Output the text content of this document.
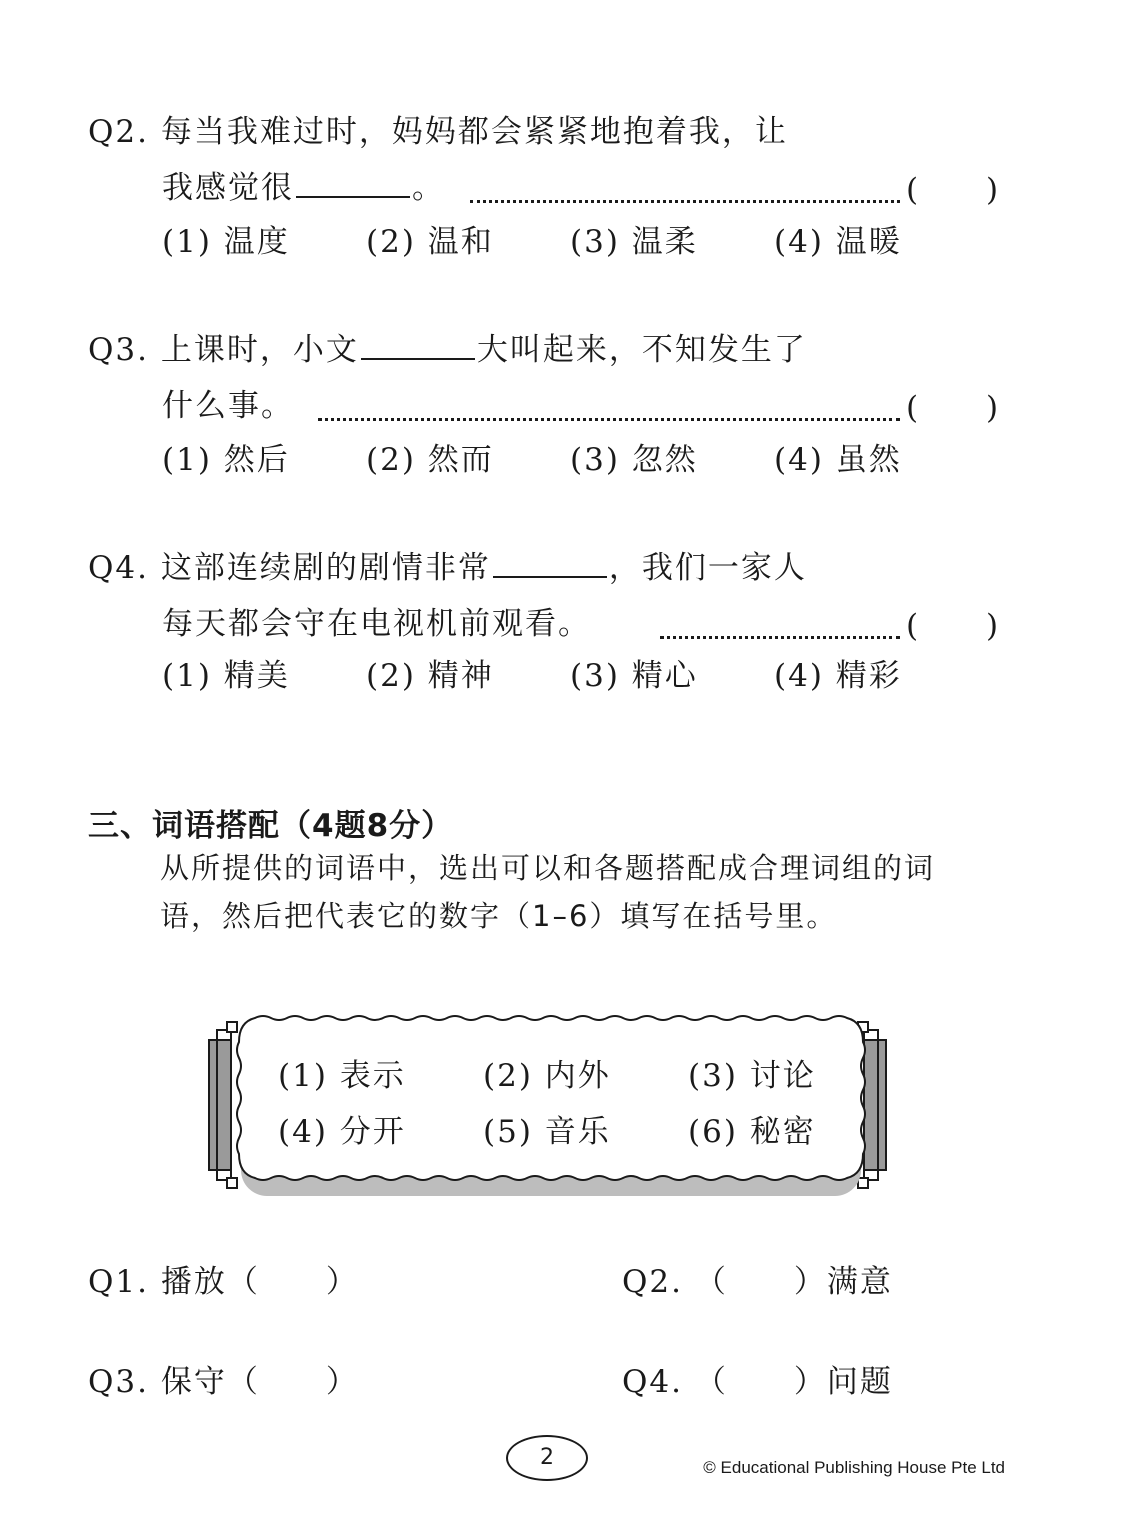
Q2. 每当我难过时，妈妈都会紧紧地抱着我，让
我感觉很	。	( )
(1) 温度 (2) 温和 (3) 温柔 (4) 温暖
Q3. 上课时，小文	大叫起来，不知发生了
什么事。	( )
(1) 然后 (2) 然而 (3) 忽然 (4) 虽然
Q4. 这部连续剧的剧情非常	，我们一家人
每天都会守在电视机前观看。	( )
(1) 精美 (2) 精神 (3) 精心 (4) 精彩
三、词语搭配（4题8分）
从所提供的词语中，选出可以和各题搭配成合理词组的词
语，然后把代表它的数字（1–6）填写在括号里。
(1) 表示 (2) 内外 (3) 讨论
(4) 分开 (5) 音乐 (6) 秘密
Q1. 播放（ ）	Q2. （ ）满意
Q3. 保守（ ）	Q4. （ ）问题
2	© Educational Publishing House Pte Ltd
